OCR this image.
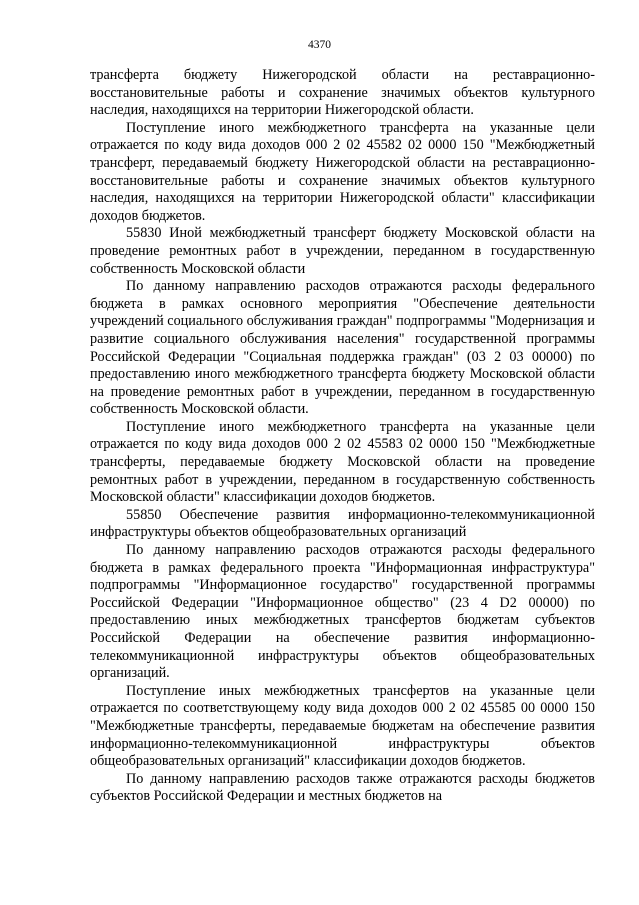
4370

трансферта бюджету Нижегородской области на реставрационно-восстановительные работы и сохранение значимых объектов культурного наследия, находящихся на территории Нижегородской области.

Поступление иного межбюджетного трансферта на указанные цели отражается по коду вида доходов 000 2 02 45582 02 0000 150 "Межбюджетный трансферт, передаваемый бюджету Нижегородской области на реставрационно-восстановительные работы и сохранение значимых объектов культурного наследия, находящихся на территории Нижегородской области" классификации доходов бюджетов.

55830 Иной межбюджетный трансферт бюджету Московской области на проведение ремонтных работ в учреждении, переданном в государственную собственность Московской области

По данному направлению расходов отражаются расходы федерального бюджета в рамках основного мероприятия "Обеспечение деятельности учреждений социального обслуживания граждан" подпрограммы "Модернизация и развитие социального обслуживания населения" государственной программы Российской Федерации "Социальная поддержка граждан" (03 2 03 00000) по предоставлению иного межбюджетного трансферта бюджету Московской области на проведение ремонтных работ в учреждении, переданном в государственную собственность Московской области.

Поступление иного межбюджетного трансферта на указанные цели отражается по коду вида доходов 000 2 02 45583 02 0000 150 "Межбюджетные трансферты, передаваемые бюджету Московской области на проведение ремонтных работ в учреждении, переданном в государственную собственность Московской области" классификации доходов бюджетов.

55850 Обеспечение развития информационно-телекоммуникационной инфраструктуры объектов общеобразовательных организаций

По данному направлению расходов отражаются расходы федерального бюджета в рамках федерального проекта "Информационная инфраструктура" подпрограммы "Информационное государство" государственной программы Российской Федерации "Информационное общество" (23 4 D2 00000) по предоставлению иных межбюджетных трансфертов бюджетам субъектов Российской Федерации на обеспечение развития информационно-телекоммуникационной инфраструктуры объектов общеобразовательных организаций.

Поступление иных межбюджетных трансфертов на указанные цели отражается по соответствующему коду вида доходов 000 2 02 45585 00 0000 150 "Межбюджетные трансферты, передаваемые бюджетам на обеспечение развития информационно-телекоммуникационной инфраструктуры объектов общеобразовательных организаций" классификации доходов бюджетов.

По данному направлению расходов также отражаются расходы бюджетов субъектов Российской Федерации и местных бюджетов на
